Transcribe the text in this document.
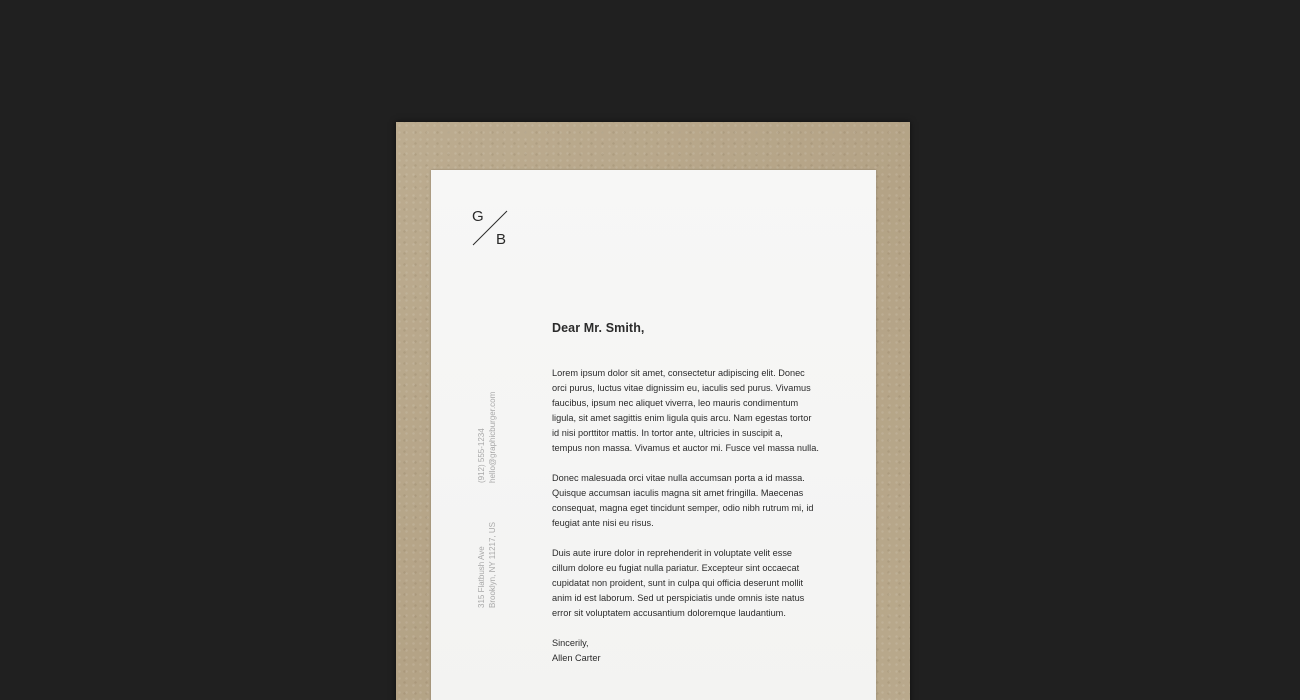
G
B
(912) 555-1234 hello@graphicburger.com
315 Flatbush Ave Brooklyn, NY 11217, US

Dear Mr. Smith,

Lorem ipsum dolor sit amet, consectetur adipiscing elit. Donec
orci purus, luctus vitae dignissim eu, iaculis sed purus. Vivamus
faucibus, ipsum nec aliquet viverra, leo mauris condimentum
ligula, sit amet sagittis enim ligula quis arcu. Nam egestas tortor
id nisi porttitor mattis. In tortor ante, ultricies in suscipit a,
tempus non massa. Vivamus et auctor mi. Fusce vel massa nulla.

Donec malesuada orci vitae nulla accumsan porta a id massa.
Quisque accumsan iaculis magna sit amet fringilla. Maecenas
consequat, magna eget tincidunt semper, odio nibh rutrum mi, id
feugiat ante nisi eu risus.

Duis aute irure dolor in reprehenderit in voluptate velit esse
cillum dolore eu fugiat nulla pariatur. Excepteur sint occaecat
cupidatat non proident, sunt in culpa qui officia deserunt mollit
anim id est laborum. Sed ut perspiciatis unde omnis iste natus
error sit voluptatem accusantium doloremque laudantium.

Sincerily,

Allen Carter
